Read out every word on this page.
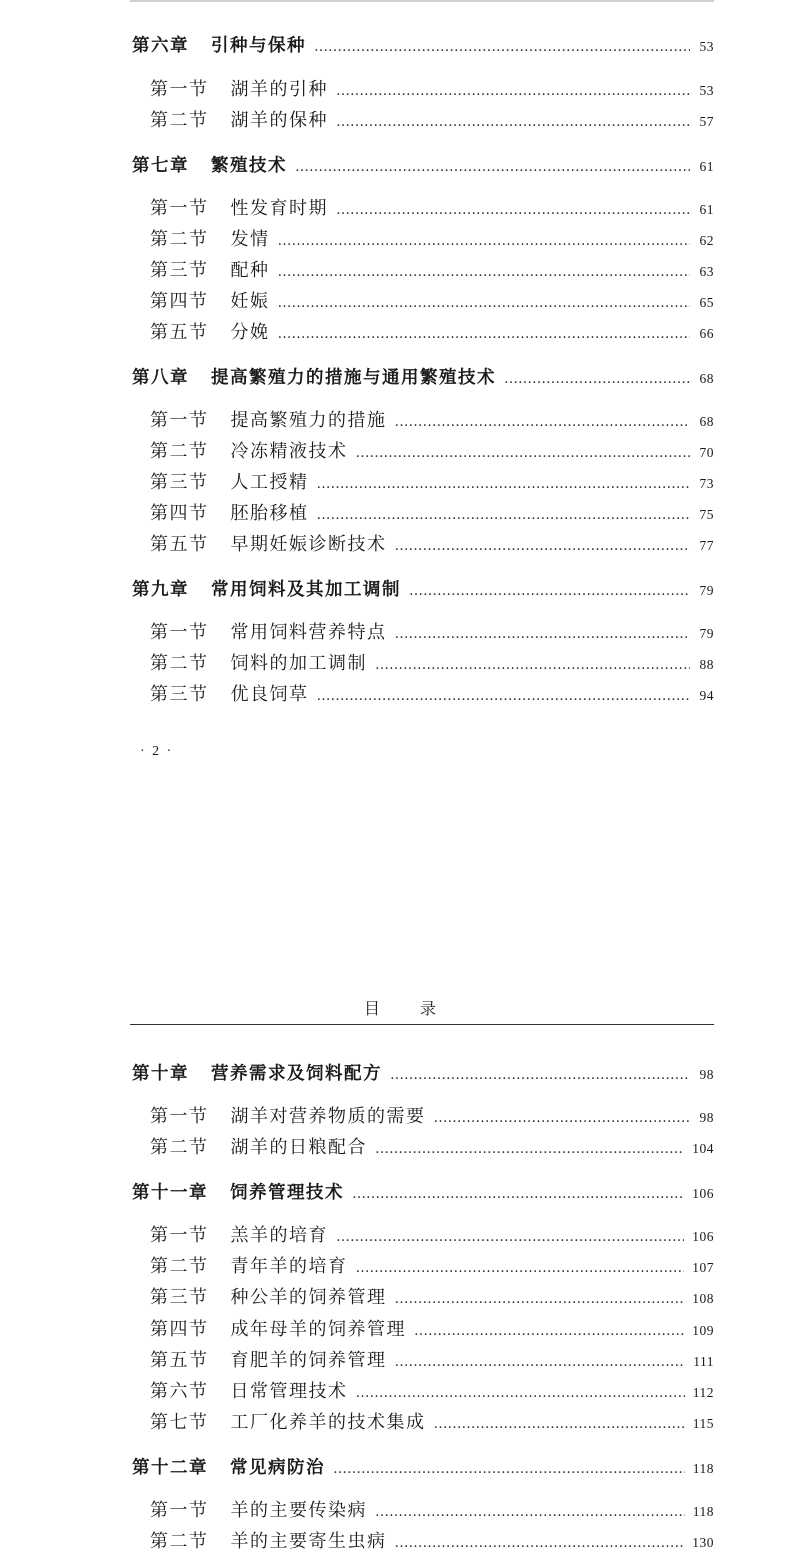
第六章 引种与保种 ……………………………………………………………………………………………………………………………………………………………………………………………………………………………	53
第一节 湖羊的引种 ……………………………………………………………………………………………………………………………………………………………………………………………………………………………	53
第二节 湖羊的保种 ……………………………………………………………………………………………………………………………………………………………………………………………………………………………	57
第七章 繁殖技术 ……………………………………………………………………………………………………………………………………………………………………………………………………………………………	61
第一节 性发育时期 ……………………………………………………………………………………………………………………………………………………………………………………………………………………………	61
第二节 发情 ……………………………………………………………………………………………………………………………………………………………………………………………………………………………	62
第三节 配种 ……………………………………………………………………………………………………………………………………………………………………………………………………………………………	63
第四节 妊娠 ……………………………………………………………………………………………………………………………………………………………………………………………………………………………	65
第五节 分娩 ……………………………………………………………………………………………………………………………………………………………………………………………………………………………	66
第八章 提高繁殖力的措施与通用繁殖技术 ……………………………………………………………………………………………………………………………………………………………………………………………………………………………	68
第一节 提高繁殖力的措施 ……………………………………………………………………………………………………………………………………………………………………………………………………………………………	68
第二节 冷冻精液技术 ……………………………………………………………………………………………………………………………………………………………………………………………………………………………	70
第三节 人工授精 ……………………………………………………………………………………………………………………………………………………………………………………………………………………………	73
第四节 胚胎移植 ……………………………………………………………………………………………………………………………………………………………………………………………………………………………	75
第五节 早期妊娠诊断技术 ……………………………………………………………………………………………………………………………………………………………………………………………………………………………	77
第九章 常用饲料及其加工调制 ……………………………………………………………………………………………………………………………………………………………………………………………………………………………	79
第一节 常用饲料营养特点 ……………………………………………………………………………………………………………………………………………………………………………………………………………………………	79
第二节 饲料的加工调制 ……………………………………………………………………………………………………………………………………………………………………………………………………………………………	88
第三节 优良饲草 ……………………………………………………………………………………………………………………………………………………………………………………………………………………………	94
· 2 ·
目录
第十章 营养需求及饲料配方 ……………………………………………………………………………………………………………………………………………………………………………………………………………………………	98
第一节 湖羊对营养物质的需要 ……………………………………………………………………………………………………………………………………………………………………………………………………………………………	98
第二节 湖羊的日粮配合 ……………………………………………………………………………………………………………………………………………………………………………………………………………………………	104
第十一章 饲养管理技术 ……………………………………………………………………………………………………………………………………………………………………………………………………………………………	106
第一节 羔羊的培育 ……………………………………………………………………………………………………………………………………………………………………………………………………………………………	106
第二节 青年羊的培育 ……………………………………………………………………………………………………………………………………………………………………………………………………………………………	107
第三节 种公羊的饲养管理 ……………………………………………………………………………………………………………………………………………………………………………………………………………………………	108
第四节 成年母羊的饲养管理 ……………………………………………………………………………………………………………………………………………………………………………………………………………………………	109
第五节 育肥羊的饲养管理 ……………………………………………………………………………………………………………………………………………………………………………………………………………………………	111
第六节 日常管理技术 ……………………………………………………………………………………………………………………………………………………………………………………………………………………………	112
第七节 工厂化养羊的技术集成 ……………………………………………………………………………………………………………………………………………………………………………………………………………………………	115
第十二章 常见病防治 ……………………………………………………………………………………………………………………………………………………………………………………………………………………………	118
第一节 羊的主要传染病 ……………………………………………………………………………………………………………………………………………………………………………………………………………………………	118
第二节 羊的主要寄生虫病 ……………………………………………………………………………………………………………………………………………………………………………………………………………………………	130
